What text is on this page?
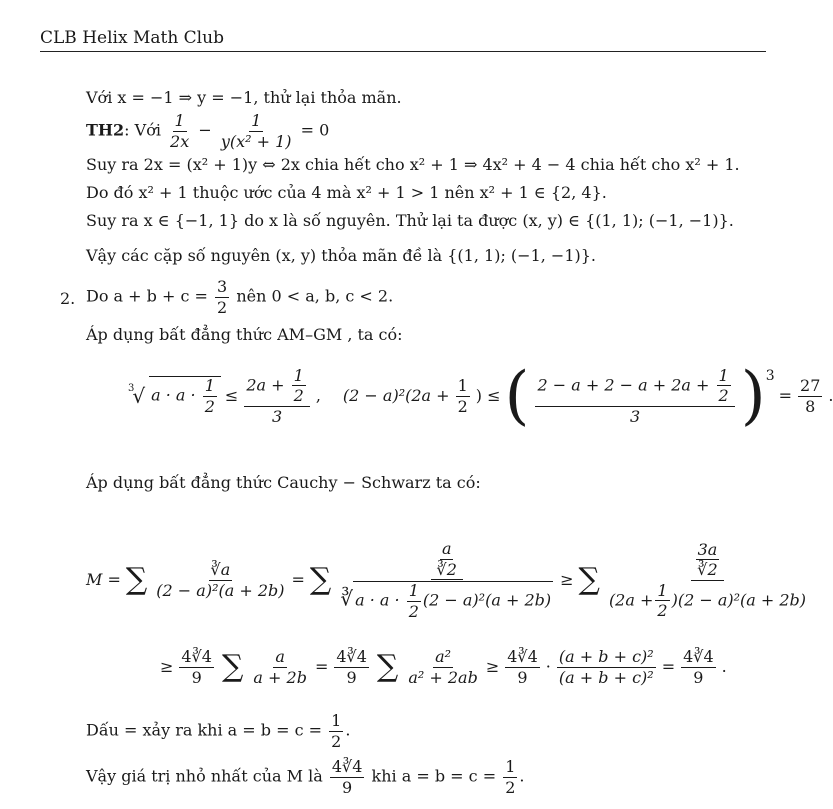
CLB Helix Math Club
Với x = −1 ⇒ y = −1, thử lại thỏa mãn.
TH2: Với $\frac{1}{2x} - \frac{1}{\text{y(x² + 1)}} = 0$
Suy ra 2x = (x² + 1)y ⇔ 2x chia hết cho x² + 1 ⇒ 4x² + 4 − 4 chia hết cho x² + 1.
Do đó x² + 1 thuộc ước của 4 mà x² + 1 > 1 nên x² + 1 ∈ {2, 4}.
Suy ra x ∈ {−1, 1} do x là số nguyên. Thử lại ta được (x, y) ∈ {(1, 1); (−1, −1)}.
Vậy các cặp số nguyên (x, y) thỏa mãn đề là {(1, 1); (−1, −1)}.
2. Do $a + b + c = \frac{3}{2}$ nên 0 < a, b, c < 2.
Áp dụng bất đẳng thức AM–GM , ta có:
3
√ $a \cdot a \cdot \frac{1}{2} \le \frac{2a + \frac{1}{2}}{3}$ , $(2 - a)^2(2a + \frac{1}{2}$ ) ≤ ( $\frac{2 - a + 2 - a + 2a + \frac{1}{2}}{3}$ ) 3
= $\frac{27}{8}$ .
Áp dụng bất đẳng thức Cauchy − Schwarz ta có:
M = ∑ $\frac{∛a}{\text{(2 − a)²(a + 2b)}}$ = ∑ $\frac{\frac{a}{∛2}}{∛ a \cdot a \cdot \frac{1}{2} (2 - a)^2(a + 2b)}$ ≥ ∑ $\frac{\frac{3a}{∛2}}{(2a + \frac{1}{2} )(2 - a)^2(a + 2b)}$
≥ $\frac{4∛4}{9}$ ∑ $\frac{a}{a + 2b} = \frac{4∛4}{9}$ ∑ $\frac{\text{a²}}{\text{a² + 2ab}} \ge \frac{4∛4}{9} \cdot \frac{\text{(a + b + c)²}}{\text{(a + b + c)²}} = \frac{4∛4}{9}$ .
Dấu = xảy ra khi $a = b = c = \frac{1}{2}$ .
Vậy giá trị nhỏ nhất của M là $\frac{4∛4}{9}$ khi $a = b = c = \frac{1}{2}$ .
